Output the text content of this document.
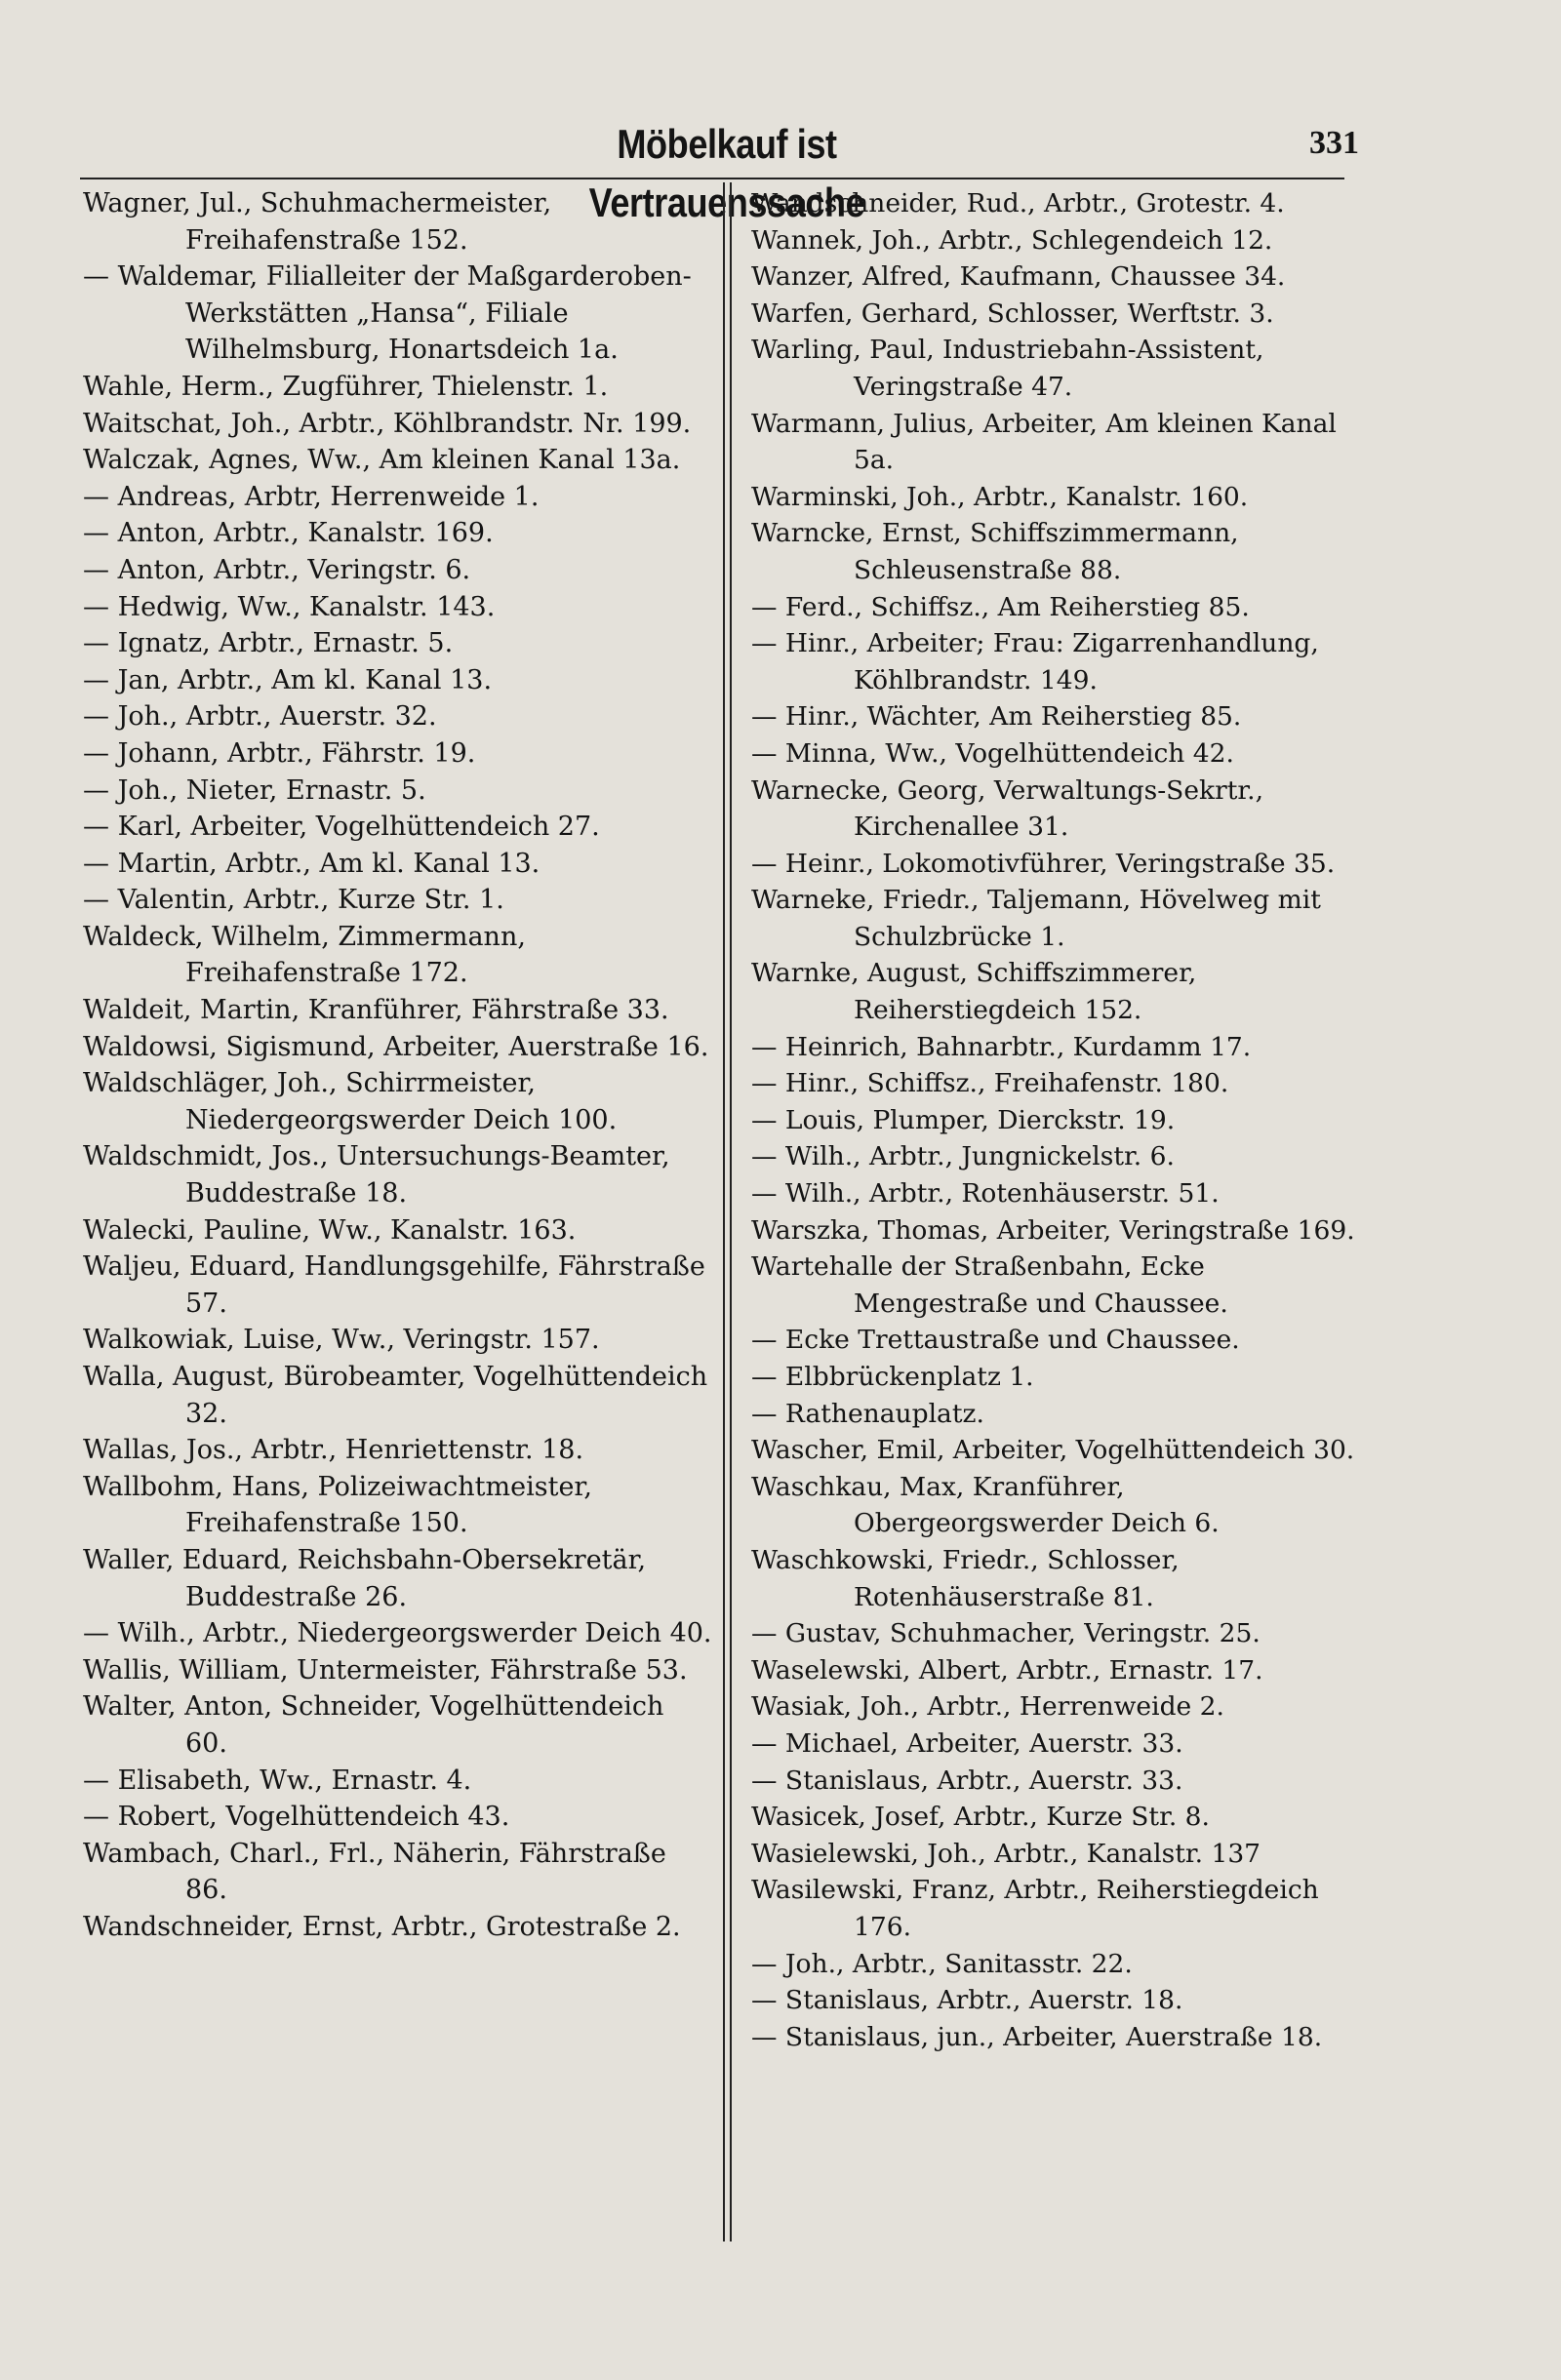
Möbelkauf ist Vertrauenssache
331
Wagner, Jul., Schuhmachermeister, Freihafenstraße 152.
— Waldemar, Filialleiter der Maßgarderoben-Werkstätten „Hansa“, Filiale Wilhelmsburg, Honartsdeich 1a.
Wahle, Herm., Zugführer, Thielenstr. 1.
Waitschat, Joh., Arbtr., Köhlbrandstr. Nr. 199.
Walczak, Agnes, Ww., Am kleinen Kanal 13a.
— Andreas, Arbtr, Herrenweide 1.
— Anton, Arbtr., Kanalstr. 169.
— Anton, Arbtr., Veringstr. 6.
— Hedwig, Ww., Kanalstr. 143.
— Ignatz, Arbtr., Ernastr. 5.
— Jan, Arbtr., Am kl. Kanal 13.
— Joh., Arbtr., Auerstr. 32.
— Johann, Arbtr., Fährstr. 19.
— Joh., Nieter, Ernastr. 5.
— Karl, Arbeiter, Vogelhüttendeich 27.
— Martin, Arbtr., Am kl. Kanal 13.
— Valentin, Arbtr., Kurze Str. 1.
Waldeck, Wilhelm, Zimmermann, Freihafenstraße 172.
Waldeit, Martin, Kranführer, Fährstraße 33.
Waldowsi, Sigismund, Arbeiter, Auerstraße 16.
Waldschläger, Joh., Schirrmeister, Niedergeorgswerder Deich 100.
Waldschmidt, Jos., Untersuchungs-Beamter, Buddestraße 18.
Walecki, Pauline, Ww., Kanalstr. 163.
Waljeu, Eduard, Handlungsgehilfe, Fährstraße 57.
Walkowiak, Luise, Ww., Veringstr. 157.
Walla, August, Bürobeamter, Vogelhüttendeich 32.
Wallas, Jos., Arbtr., Henriettenstr. 18.
Wallbohm, Hans, Polizeiwachtmeister, Freihafenstraße 150.
Waller, Eduard, Reichsbahn-Obersekretär, Buddestraße 26.
— Wilh., Arbtr., Niedergeorgswerder Deich 40.
Wallis, William, Untermeister, Fährstraße 53.
Walter, Anton, Schneider, Vogelhüttendeich 60.
— Elisabeth, Ww., Ernastr. 4.
— Robert, Vogelhüttendeich 43.
Wambach, Charl., Frl., Näherin, Fährstraße 86.
Wandschneider, Ernst, Arbtr., Grotestraße 2.
Wandschneider, Rud., Arbtr., Grotestr. 4.
Wannek, Joh., Arbtr., Schlegendeich 12.
Wanzer, Alfred, Kaufmann, Chaussee 34.
Warfen, Gerhard, Schlosser, Werftstr. 3.
Warling, Paul, Industriebahn-Assistent, Veringstraße 47.
Warmann, Julius, Arbeiter, Am kleinen Kanal 5a.
Warminski, Joh., Arbtr., Kanalstr. 160.
Warncke, Ernst, Schiffszimmermann, Schleusenstraße 88.
— Ferd., Schiffsz., Am Reiherstieg 85.
— Hinr., Arbeiter; Frau: Zigarrenhandlung, Köhlbrandstr. 149.
— Hinr., Wächter, Am Reiherstieg 85.
— Minna, Ww., Vogelhüttendeich 42.
Warnecke, Georg, Verwaltungs-Sekrtr., Kirchenallee 31.
— Heinr., Lokomotivführer, Veringstraße 35.
Warneke, Friedr., Taljemann, Hövelweg mit Schulzbrücke 1.
Warnke, August, Schiffszimmerer, Reiherstiegdeich 152.
— Heinrich, Bahnarbtr., Kurdamm 17.
— Hinr., Schiffsz., Freihafenstr. 180.
— Louis, Plumper, Dierckstr. 19.
— Wilh., Arbtr., Jungnickelstr. 6.
— Wilh., Arbtr., Rotenhäuserstr. 51.
Warszka, Thomas, Arbeiter, Veringstraße 169.
Wartehalle der Straßenbahn, Ecke Mengestraße und Chaussee.
— Ecke Trettaustraße und Chaussee.
— Elbbrückenplatz 1.
— Rathenauplatz.
Wascher, Emil, Arbeiter, Vogelhüttendeich 30.
Waschkau, Max, Kranführer, Obergeorgswerder Deich 6.
Waschkowski, Friedr., Schlosser, Rotenhäuserstraße 81.
— Gustav, Schuhmacher, Veringstr. 25.
Waselewski, Albert, Arbtr., Ernastr. 17.
Wasiak, Joh., Arbtr., Herrenweide 2.
— Michael, Arbeiter, Auerstr. 33.
— Stanislaus, Arbtr., Auerstr. 33.
Wasicek, Josef, Arbtr., Kurze Str. 8.
Wasielewski, Joh., Arbtr., Kanalstr. 137
Wasilewski, Franz, Arbtr., Reiherstiegdeich 176.
— Joh., Arbtr., Sanitasstr. 22.
— Stanislaus, Arbtr., Auerstr. 18.
— Stanislaus, jun., Arbeiter, Auerstraße 18.
